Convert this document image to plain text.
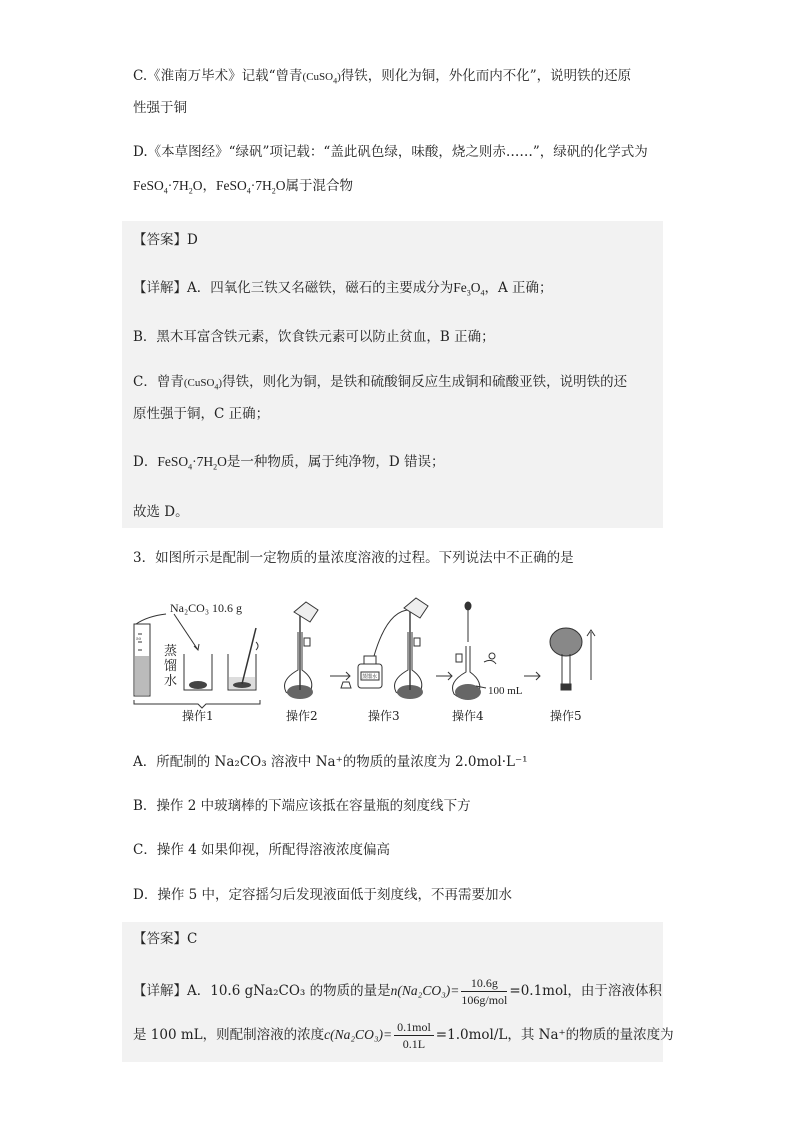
C.《淮南万毕术》记载“曾青(CuSO$_4$)得铁，则化为铜，外化而内不化”，说明铁的还原
性强于铜
D.《本草图经》“绿矾”项记载：“盖此矾色绿，味酸，烧之则赤……”，绿矾的化学式为
$FeSO_4\cdot 7H_2O$，$FeSO_4\cdot 7H_2O$属于混合物
【答案】D
【详解】A．四氧化三铁又名磁铁，磁石的主要成分为$Fe_3O_4$，A 正确；
B．黑木耳富含铁元素，饮食铁元素可以防止贫血，B 正确；
C．曾青(CuSO$_4$)得铁，则化为铜，是铁和硫酸铜反应生成铜和硫酸亚铁，说明铁的还
原性强于铜，C 正确；
D．$FeSO_4\cdot 7H_2O$是一种物质，属于纯净物，D 错误；
故选 D。
3．如图所示是配制一定物质的量浓度溶液的过程。下列说法中不正确的是
Na₂CO₃ 10.6 g
50
蒸
馏
水
操作1	操作2
蒸馏水
操作3
100 mL
操作4	操作5
A．所配制的 Na₂CO₃ 溶液中 Na⁺的物质的量浓度为 2.0mol·L⁻¹
B．操作 2 中玻璃棒的下端应该抵在容量瓶的刻度线下方
C．操作 4 如果仰视，所配得溶液浓度偏高
D．操作 5 中，定容摇匀后发现液面低于刻度线，不再需要加水
【答案】C
【详解】A．10.6 gNa₂CO₃ 的物质的量是$n(Na_2CO_3)= \frac{10.6g}{\text{106g/mol}} =0.1mol$，由于溶液体积
是 100 mL，则配制溶液的浓度$c(Na_2CO_3)= \frac{\text{0.1mol}}{0.1L} =1.0mol/L$，其 Na⁺的物质的量浓度为
